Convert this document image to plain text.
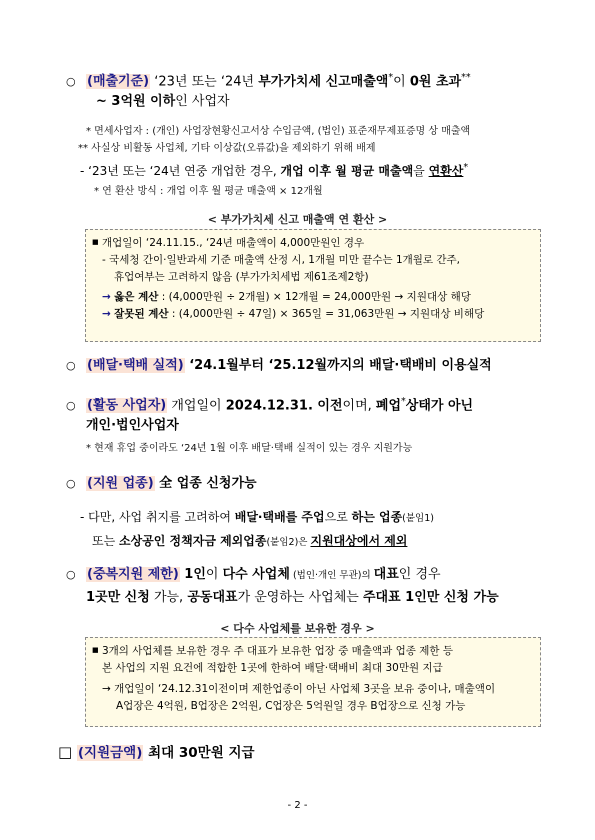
○ (매출기준) ‘23년 또는 ‘24년 부가가치세 신고매출액*이 0원 초과**
~ 3억원 이하인 사업자
* 면세사업자 : (개인) 사업장현황신고서상 수입금액, (법인) 표준재무제표증명 상 매출액
** 사실상 비활동 사업체, 기타 이상값(오류값)을 제외하기 위해 배제
- ‘23년 또는 ‘24년 연중 개업한 경우, 개업 이후 월 평균 매출액을 연환산*
* 연 환산 방식 : 개업 이후 월 평균 매출액 × 12개월
< 부가가치세 신고 매출액 연 환산 >
■ 개업일이 ‘24.11.15., ‘24년 매출액이 4,000만원인 경우
- 국세청 간이·일반과세 기준 매출액 산정 시, 1개월 미만 끝수는 1개월로 간주,
휴업여부는 고려하지 않음 (부가가치세법 제61조제2항)
→ 옳은 계산 : (4,000만원 ÷ 2개월) × 12개월 = 24,000만원 → 지원대상 해당
→ 잘못된 계산 : (4,000만원 ÷ 47일) × 365일 = 31,063만원 → 지원대상 비해당
○ (배달·택배 실적) ‘24.1월부터 ‘25.12월까지의 배달·택배비 이용실적
○ (활동 사업자) 개업일이 2024.12.31. 이전이며, 폐업*상태가 아닌
개인·법인사업자
* 현재 휴업 중이라도 ‘24년 1월 이후 배달·택배 실적이 있는 경우 지원가능
○ (지원 업종) 全 업종 신청가능
- 다만, 사업 취지를 고려하여 배달·택배를 주업으로 하는 업종(붙임1)
또는 소상공인 정책자금 제외업종(붙임2)은 지원대상에서 제외
○ (중복지원 제한) 1인이 다수 사업체 (법인·개인 무관)의 대표인 경우
1곳만 신청 가능, 공동대표가 운영하는 사업체는 주대표 1인만 신청 가능
< 다수 사업체를 보유한 경우 >
■ 3개의 사업체를 보유한 경우 주 대표가 보유한 업장 중 매출액과 업종 제한 등
본 사업의 지원 요건에 적합한 1곳에 한하여 배달·택배비 최대 30만원 지급
→ 개업일이 ‘24.12.31이전이며 제한업종이 아닌 사업체 3곳을 보유 중이나, 매출액이
A업장은 4억원, B업장은 2억원, C업장은 5억원일 경우 B업장으로 신청 가능
□ (지원금액) 최대 30만원 지급
- 2 -
